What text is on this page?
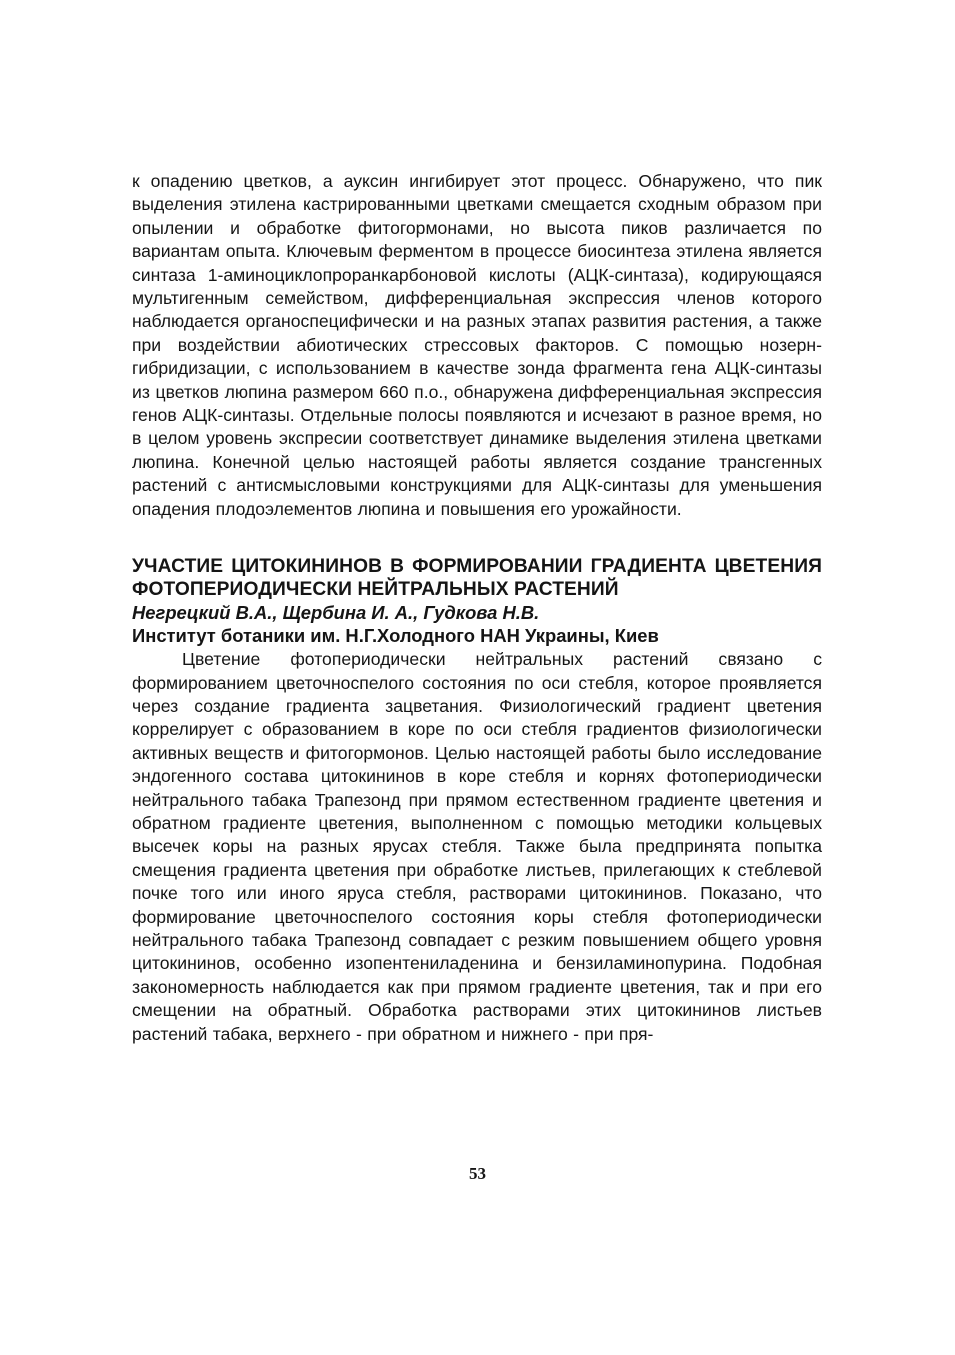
к опадению цветков, а ауксин ингибирует этот процесс. Обнаружено, что пик выделения этилена кастрированными цветками смещается сходным образом при опылении и обработке фитогормонами, но высота пиков различается по вариантам опыта. Ключевым ферментом в процессе биосинтеза этилена является синтаза 1-аминоциклопроранкарбоновой кислоты (АЦК-синтаза), кодирующаяся мультигенным семейством, дифференциальная экспрессия членов которого наблюдается органоспецифически и на разных этапах развития растения, а также при воздействии абиотических стрессовых факторов. С помощью нозерн-гибридизации, с использованием в качестве зонда фрагмента гена АЦК-синтазы из цветков люпина размером 660 п.о., обнаружена дифференциальная экспрессия генов АЦК-синтазы. Отдельные полосы появляются и исчезают в разное время, но в целом уровень экспресии соответствует динамике выделения этилена цветками люпина. Конечной целью настоящей работы является создание трансгенных растений с антисмысловыми конструкциями для АЦК-синтазы для уменьшения опадения плодоэлементов люпина и повышения его урожайности.

УЧАСТИЕ ЦИТОКИНИНОВ В ФОРМИРОВАНИИ ГРАДИЕНТА ЦВЕТЕНИЯ ФОТОПЕРИОДИЧЕСКИ НЕЙТРАЛЬНЫХ РАСТЕНИЙ
Негрецкий В.А., Щербина И. А., Гудкова Н.В.
Институт ботаники им. Н.Г.Холодного НАН Украины, Киев

Цветение фотопериодически нейтральных растений связано с формированием цветочноспелого состояния по оси стебля, которое проявляется через создание градиента зацветания. Физиологический градиент цветения коррелирует с образованием в коре по оси стебля градиентов физиологически активных веществ и фитогормонов. Целью настоящей работы было исследование эндогенного состава цитокининов в коре стебля и корнях фотопериодически нейтрального табака Трапезонд при прямом естественном градиенте цветения и обратном градиенте цветения, выполненном с помощью методики кольцевых высечек коры на разных ярусах стебля. Также была предпринята попытка смещения градиента цветения при обработке листьев, прилегающих к стеблевой почке того или иного яруса стебля, растворами цитокининов. Показано, что формирование цветочноспелого состояния коры стебля фотопериодически нейтрального табака Трапезонд совпадает с резким повышением общего уровня цитокининов, особенно изопентениладенина и бензиламинопурина. Подобная закономерность наблюдается как при прямом градиенте цветения, так и при его смещении на обратный. Обработка растворами этих цитокининов листьев растений табака, верхнего - при обратном и нижнего - при пря-

53
